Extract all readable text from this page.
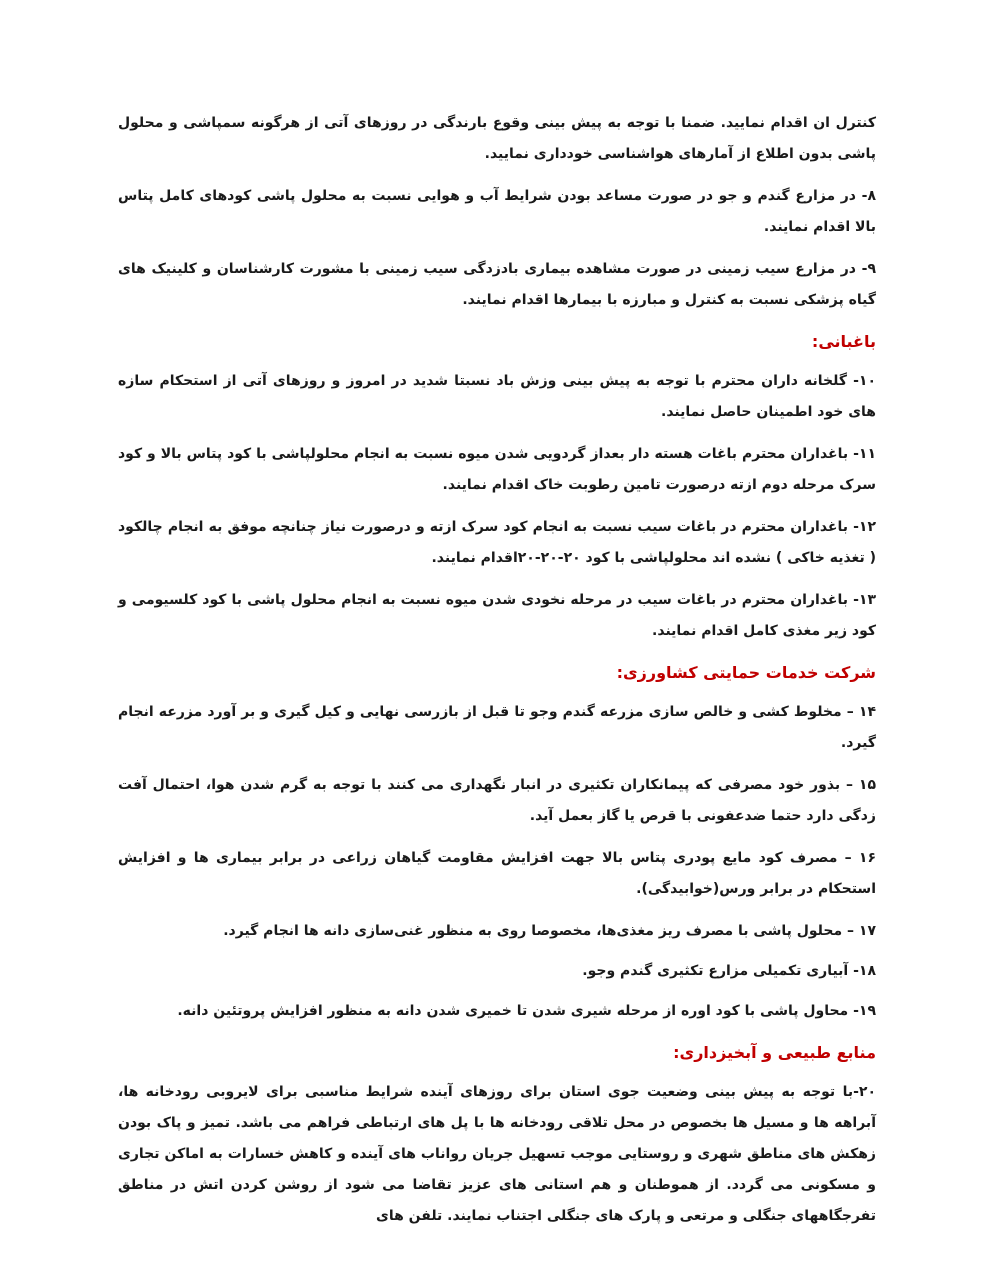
کنترل ان اقدام نمایید. ضمنا با توجه به پیش بینی وقوع بارندگی در روزهای آتی از هرگونه سمپاشی و محلول پاشی بدون اطلاع از آمارهای هواشناسی خودداری نمایید.

۸- در مزارع گندم و جو در صورت مساعد بودن شرایط آب و هوایی نسبت به محلول پاشی کودهای کامل پتاس بالا اقدام نمایند.

۹- در مزارع سیب زمینی در صورت مشاهده بیماری بادزدگی سیب زمینی با مشورت کارشناسان و کلینیک های گیاه پزشکی نسبت به کنترل و مبارزه با بیمارها اقدام نمایند.

باغبانی:

۱۰- گلخانه داران محترم با توجه به پیش بینی وزش باد نسبتا شدید در امروز و روزهای آتی از استحکام سازه های خود اطمینان حاصل نمایند.

۱۱- باغداران محترم باغات هسته دار بعداز گردویی شدن میوه نسبت به انجام محلولپاشی با کود پتاس بالا و کود سرک مرحله دوم ازته درصورت تامین رطوبت خاک اقدام نمایند.

۱۲- باغداران محترم در باغات سیب نسبت به انجام کود سرک ازته و درصورت نیاز چنانچه موفق به انجام چالکود ( تغذیه خاکی ) نشده اند محلولپاشی با کود ۲۰-۲۰-۲۰اقدام نمایند.

۱۳- باغداران محترم در باغات سیب در مرحله نخودی شدن میوه نسبت به انجام محلول پاشی با کود کلسیومی و کود زیر مغذی کامل اقدام نمایند.

شرکت خدمات حمایتی کشاورزی:

۱۴ – مخلوط کشی و خالص سازی مزرعه گندم وجو تا قبل از بازرسی نهایی و کیل گیری و بر آورد مزرعه انجام گیرد.

۱۵ – بذور خود مصرفی که پیمانکاران تکثیری در انبار نگهداری می کنند با توجه به گرم شدن هوا، احتمال آفت زدگی دارد حتما ضدعفونی با قرص یا گاز بعمل آید.

۱۶ – مصرف کود مایع پودری پتاس بالا جهت افزایش مقاومت گیاهان زراعی در برابر بیماری ها و افزایش استحکام در برابر ورس(خوابیدگی).

۱۷ – محلول پاشی با مصرف ریز مغذی‌ها، مخصوصا روی به منظور غنی‌سازی دانه ها انجام گیرد.

۱۸- آبیاری تکمیلی مزارع تکثیری گندم وجو.

۱۹- محاول پاشی با کود اوره از مرحله شیری شدن تا خمیری شدن دانه به منظور افزایش پروتئین دانه.

منابع طبیعی و آبخیزداری:

۲۰-با توجه به پیش بینی وضعیت جوی استان برای روزهای آینده شرایط مناسبی برای لایروبی رودخانه ها، آبراهه ها و مسیل ها بخصوص در محل تلاقی رودخانه ها با پل های ارتباطی فراهم می باشد. تمیز و پاک بودن زهکش های مناطق شهری و روستایی موجب تسهیل جریان رواناب های آینده و کاهش خسارات به اماکن تجاری و مسکونی می گردد. از هموطنان و هم استانی های عزیز تقاضا می شود از روشن کردن اتش در مناطق تفرجگاههای جنگلی و مرتعی و پارک های جنگلی اجتناب نمایند. تلفن های
